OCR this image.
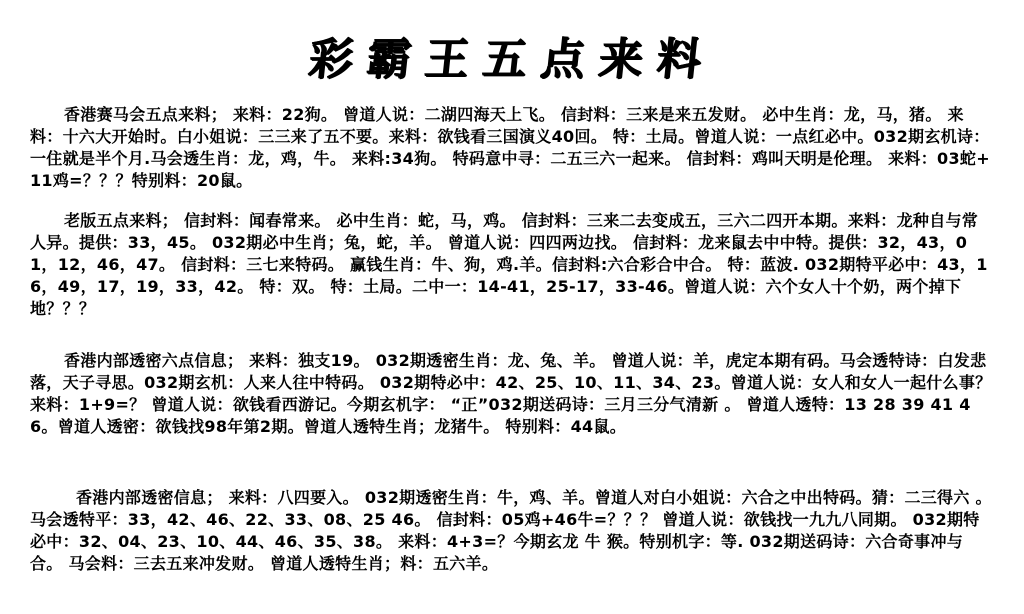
彩霸王五点来料

香港赛马会五点来料； 来料：22狗。 曾道人说：二湖四海天上飞。 信封料：三来是来五发财。 必中生肖：龙，马，猪。 来料：十六大开始时。白小姐说：三三来了五不要。来料：欲钱看三国演义40回。 特：土局。曾道人说：一点红必中。032期玄机诗：一住就是半个月.马会透生肖：龙，鸡，牛。 来料:34狗。 特码意中寻：二五三六一起来。 信封料：鸡叫天明是伦理。 来料：03蛇+11鸡=？？？特别料：20鼠。

老版五点来料； 信封料：闻春常来。 必中生肖：蛇，马，鸡。 信封料：三来二去变成五，三六二四开本期。来料：龙种自与常人异。提供：33，45。 032期必中生肖；兔，蛇，羊。 曾道人说：四四两边找。 信封料：龙来鼠去中中特。提供：32，43，01，12，46，47。 信封料：三七来特码。 赢钱生肖：牛、狗，鸡.羊。信封料:六合彩合中合。 特：蓝波. 032期特平必中：43，16，49，17，19，33，42。 特：双。 特：土局。二中一：14-41，25-17，33-46。曾道人说：六个女人十个奶，两个掉下地？？？

香港内部透密六点信息； 来料：独支19。 032期透密生肖：龙、兔、羊。 曾道人说：羊，虎定本期有码。马会透特诗：白发悲落，天子寻思。032期玄机：人来人往中特码。 032期特必中：42、25、10、11、34、23。曾道人说：女人和女人一起什么事？ 来料：1+9=？ 曾道人说：欲钱看西游记。今期玄机字： “正”032期送码诗：三月三分气清新 。 曾道人透特：13 28 39 41 46。曾道人透密：欲钱找98年第2期。曾道人透特生肖；龙猪牛。 特别料：44鼠。

香港内部透密信息； 来料：八四要入。 032期透密生肖：牛，鸡、羊。曾道人对白小姐说：六合之中出特码。猜：二三得六 。 马会透特平：33，42、46、22、33、08、25 46。 信封料：05鸡+46牛=？？？ 曾道人说：欲钱找一九九八同期。 032期特必中：32、04、23、10、44、46、35、38。 来料：4+3=？今期玄龙 牛 猴。特别机字：等. 032期送码诗：六合奇事冲与合。 马会料：三去五来冲发财。 曾道人透特生肖；料：五六羊。
